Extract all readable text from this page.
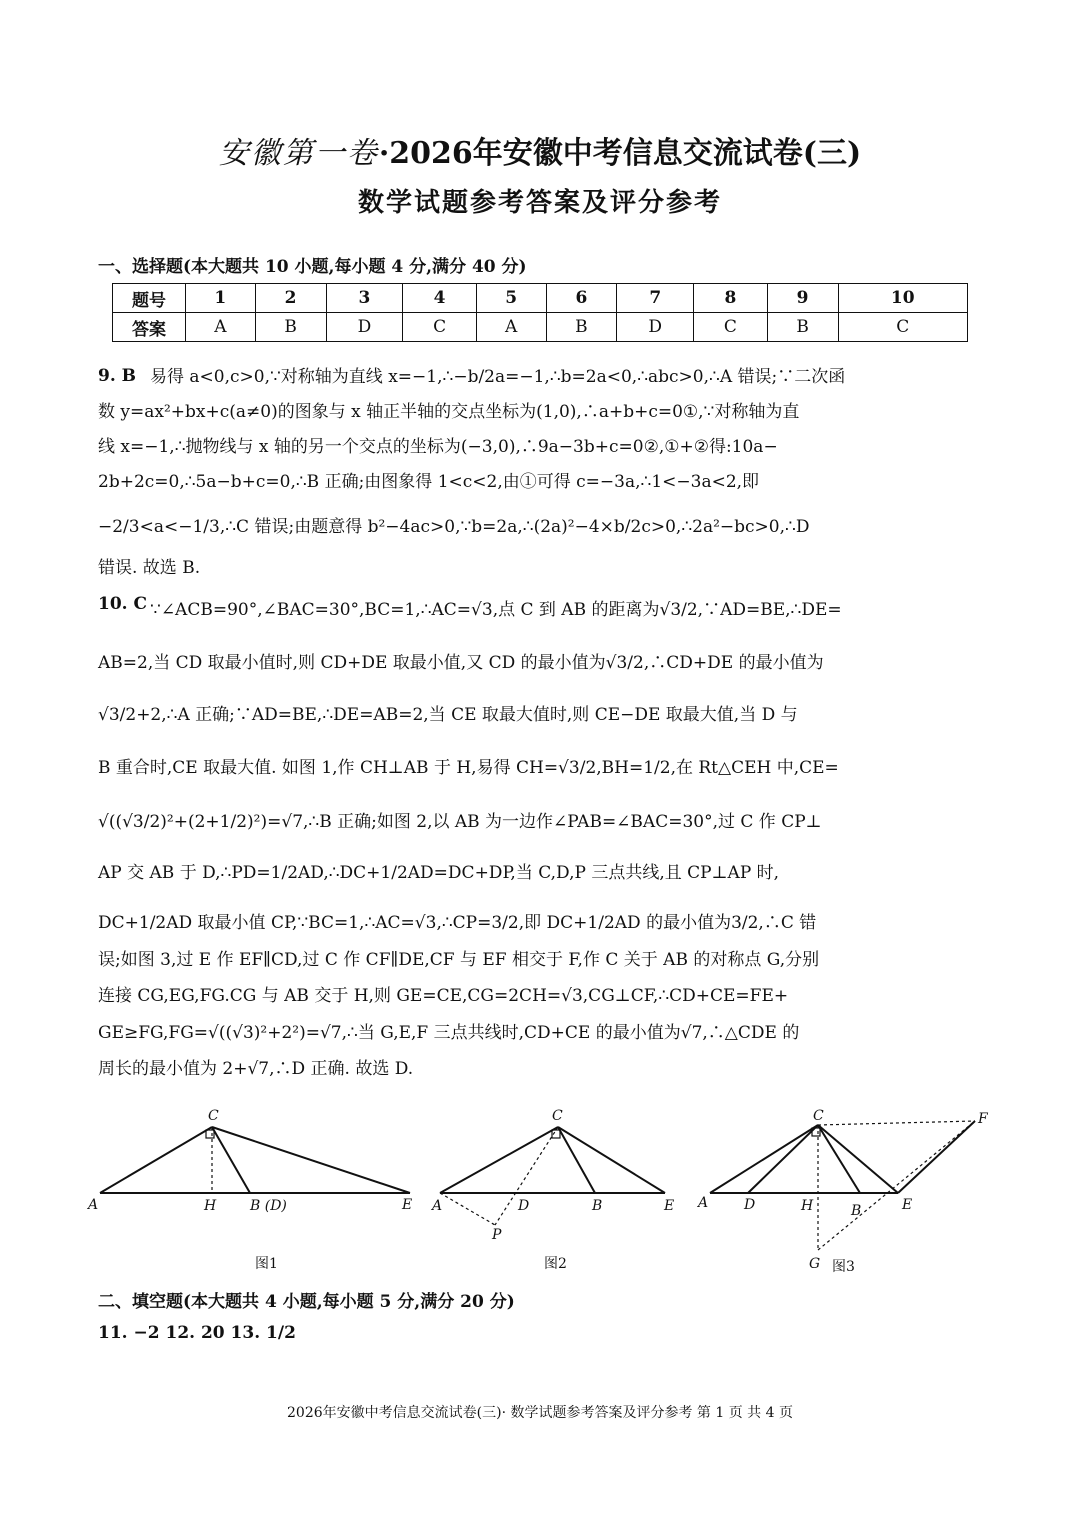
安徽第一卷·2026年安徽中考信息交流试卷(三)
数学试题参考答案及评分参考
一、选择题(本大题共 10 小题,每小题 4 分,满分 40 分)
题号	1	2	3	4	5	6	7	8	9	10
答案	A	B	D	C	A	B	D	C	B	C
9. B 易得 a<0,c>0,∵对称轴为直线 x=−1,∴−b/2a=−1,∴b=2a<0,∴abc>0,∴A 错误;∵二次函
数 y=ax²+bx+c(a≠0)的图象与 x 轴正半轴的交点坐标为(1,0),∴a+b+c=0①,∵对称轴为直
线 x=−1,∴抛物线与 x 轴的另一个交点的坐标为(−3,0),∴9a−3b+c=0②,①+②得:10a−
2b+2c=0,∴5a−b+c=0,∴B 正确;由图象得 1<c<2,由①可得 c=−3a,∴1<−3a<2,即
−2/3<a<−1/3,∴C 错误;由题意得 b²−4ac>0,∵b=2a,∴(2a)²−4×b/2c>0,∴2a²−bc>0,∴D
错误. 故选 B.
10. C ∵∠ACB=90°,∠BAC=30°,BC=1,∴AC=√3,点 C 到 AB 的距离为√3/2,∵AD=BE,∴DE=
AB=2,当 CD 取最小值时,则 CD+DE 取最小值,又 CD 的最小值为√3/2,∴CD+DE 的最小值为
√3/2+2,∴A 正确;∵AD=BE,∴DE=AB=2,当 CE 取最大值时,则 CE−DE 取最大值,当 D 与
B 重合时,CE 取最大值. 如图 1,作 CH⊥AB 于 H,易得 CH=√3/2,BH=1/2,在 Rt△CEH 中,CE=
√((√3/2)²+(2+1/2)²)=√7,∴B 正确;如图 2,以 AB 为一边作∠PAB=∠BAC=30°,过 C 作 CP⊥
AP 交 AB 于 D,∴PD=1/2AD,∴DC+1/2AD=DC+DP,当 C,D,P 三点共线,且 CP⊥AP 时,
DC+1/2AD 取最小值 CP,∵BC=1,∴AC=√3,∴CP=3/2,即 DC+1/2AD 的最小值为3/2,∴C 错
误;如图 3,过 E 作 EF∥CD,过 C 作 CF∥DE,CF 与 EF 相交于 F,作 C 关于 AB 的对称点 G,分别
连接 CG,EG,FG.CG 与 AB 交于 H,则 GE=CE,CG=2CH=√3,CG⊥CF,∴CD+CE=FE+
GE≥FG,FG=√((√3)²+2²)=√7,∴当 G,E,F 三点共线时,CD+CE 的最小值为√7,∴△CDE 的
周长的最小值为 2+√7,∴D 正确. 故选 D.
C
A	H B (D)	E
C
A	D	B	E
P
C	F
A	D	H	B	E
G
图1	图2	图3
二、填空题(本大题共 4 小题,每小题 5 分,满分 20 分)
11. −2 12. 20 13. 1/2
2026年安徽中考信息交流试卷(三)· 数学试题参考答案及评分参考 第 1 页 共 4 页
